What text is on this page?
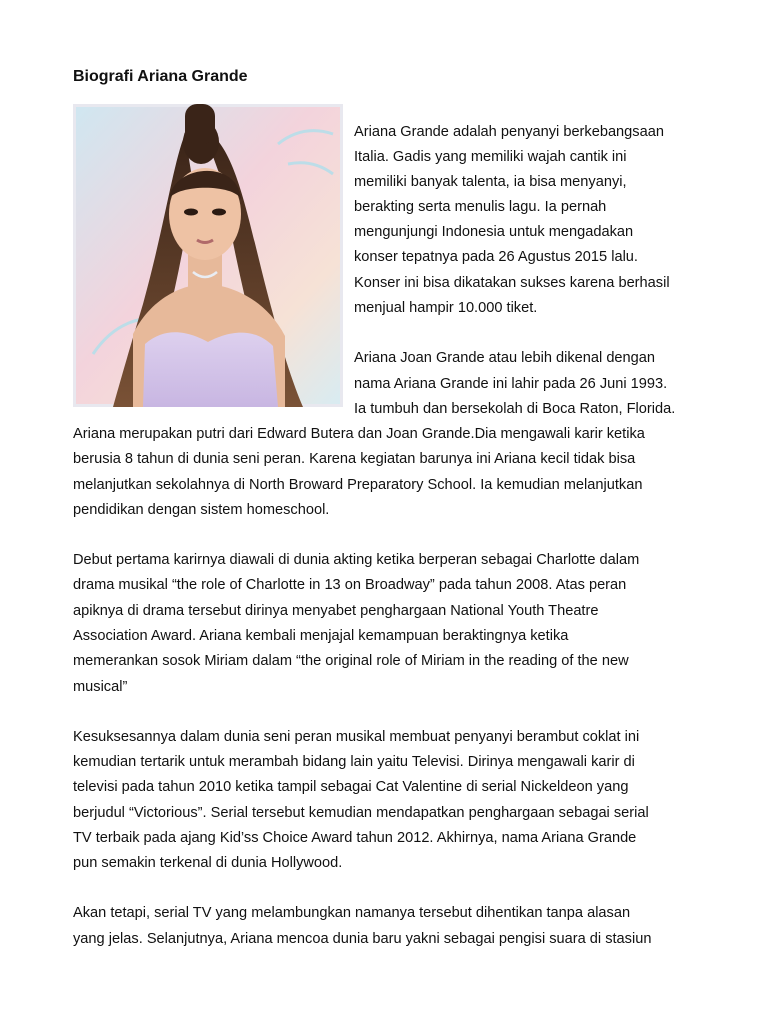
Biografi Ariana Grande
Ariana Grande adalah penyanyi berkebangsaan
Italia. Gadis yang memiliki wajah cantik ini
memiliki banyak talenta, ia bisa menyanyi,
berakting serta menulis lagu. Ia pernah
mengunjungi Indonesia untuk mengadakan
konser tepatnya pada 26 Agustus 2015 lalu.
Konser ini bisa dikatakan sukses karena berhasil
menjual hampir 10.000 tiket.
Ariana Joan Grande atau lebih dikenal dengan
nama Ariana Grande ini lahir pada 26 Juni 1993.
Ia tumbuh dan bersekolah di Boca Raton, Florida.
Ariana merupakan putri dari Edward Butera dan Joan Grande.Dia mengawali karir ketika
berusia 8 tahun di dunia seni peran. Karena kegiatan barunya ini Ariana kecil tidak bisa
melanjutkan sekolahnya di North Broward Preparatory School. Ia kemudian melanjutkan
pendidikan dengan sistem homeschool.
Debut pertama karirnya diawali di dunia akting ketika berperan sebagai Charlotte dalam
drama musikal “the role of Charlotte in 13 on Broadway” pada tahun 2008. Atas peran
apiknya di drama tersebut dirinya menyabet penghargaan National Youth Theatre
Association Award. Ariana kembali menjajal kemampuan beraktingnya ketika
memerankan sosok Miriam dalam “the original role of Miriam in the reading of the new
musical”
Kesuksesannya dalam dunia seni peran musikal membuat penyanyi berambut coklat ini
kemudian tertarik untuk merambah bidang lain yaitu Televisi. Dirinya mengawali karir di
televisi pada tahun 2010 ketika tampil sebagai Cat Valentine di serial Nickeldeon yang
berjudul “Victorious”. Serial tersebut kemudian mendapatkan penghargaan sebagai serial
TV terbaik pada ajang Kid’ss Choice Award tahun 2012. Akhirnya, nama Ariana Grande
pun semakin terkenal di dunia Hollywood.
Akan tetapi, serial TV yang melambungkan namanya tersebut dihentikan tanpa alasan
yang jelas. Selanjutnya, Ariana mencoa dunia baru yakni sebagai pengisi suara di stasiun
